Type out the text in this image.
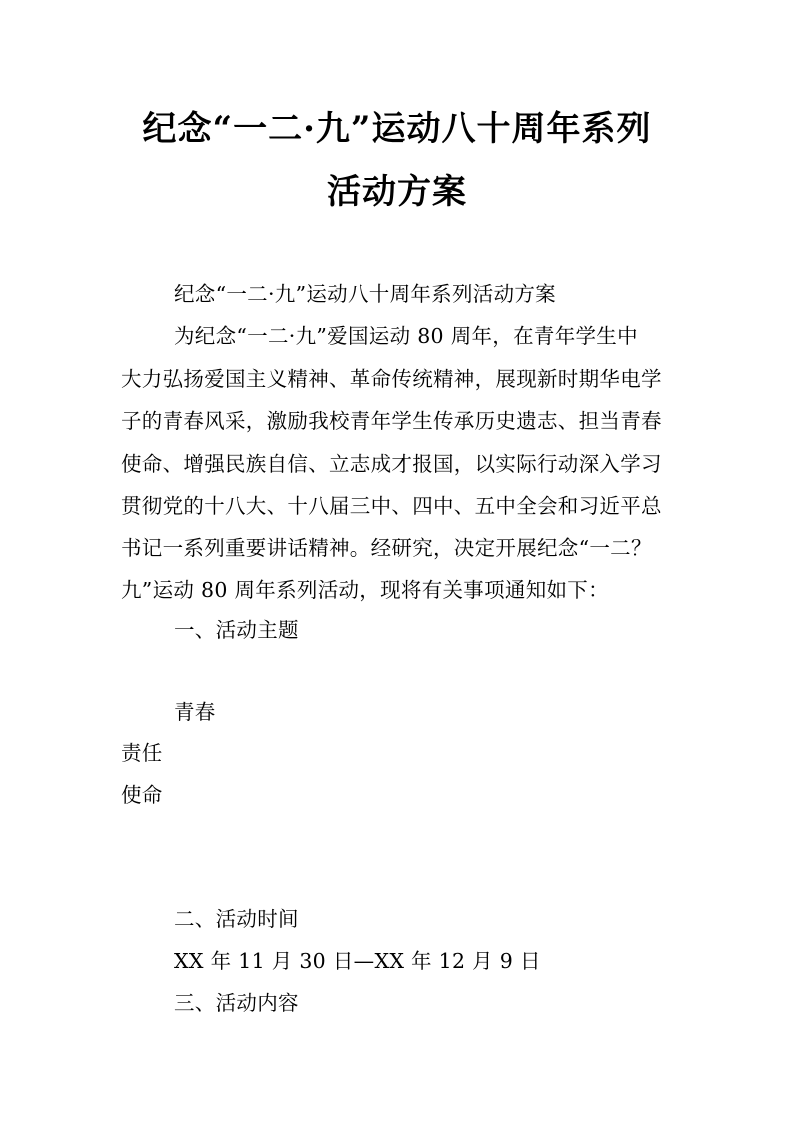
纪念“一二·九”运动八十周年系列
活动方案
纪念“一二·九”运动八十周年系列活动方案
为纪念“一二·九”爱国运动 80 周年，在青年学生中
大力弘扬爱国主义精神、革命传统精神，展现新时期华电学
子的青春风采，激励我校青年学生传承历史遗志、担当青春
使命、增强民族自信、立志成才报国，以实际行动深入学习
贯彻党的十八大、十八届三中、四中、五中全会和习近平总
书记一系列重要讲话精神。经研究，决定开展纪念“一二？
九”运动 80 周年系列活动，现将有关事项通知如下：
一、活动主题
青春
责任
使命
二、活动时间
XX 年 11 月 30 日—XX 年 12 月 9 日
三、活动内容
